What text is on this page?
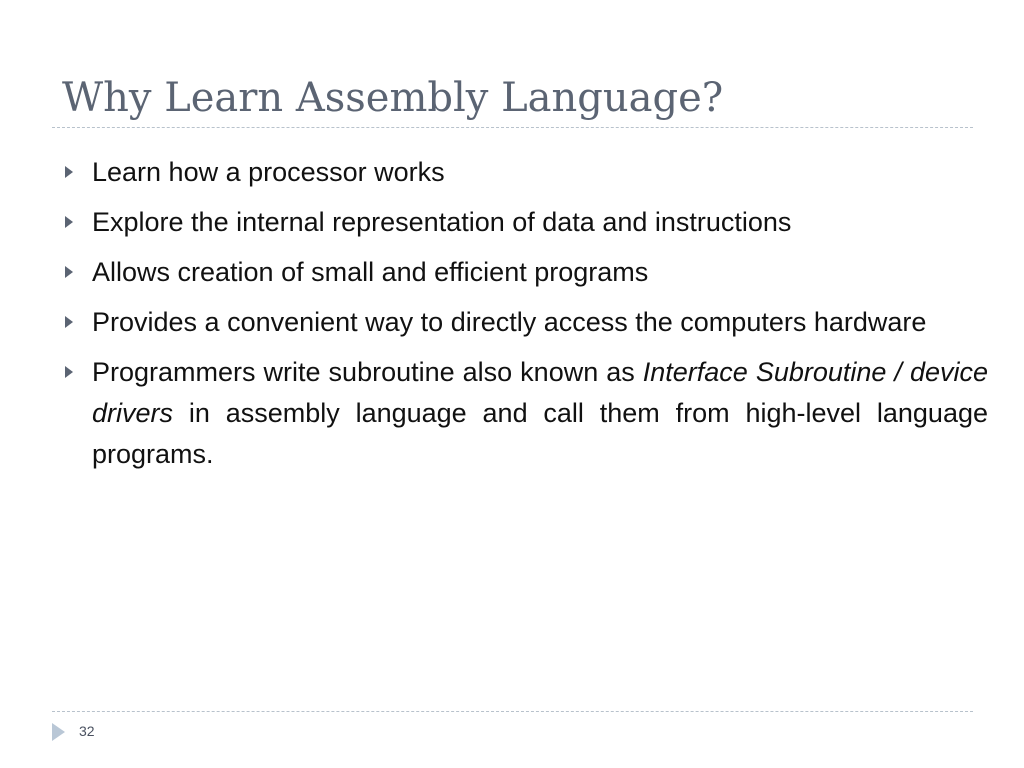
Why Learn Assembly Language?
Learn how a processor works
Explore the internal representation of data and instructions
Allows creation of small and efficient programs
Provides a convenient way to directly access the computers hardware
Programmers write subroutine also known as Interface Subroutine / device drivers in assembly language and call them from high-level language programs.
32
